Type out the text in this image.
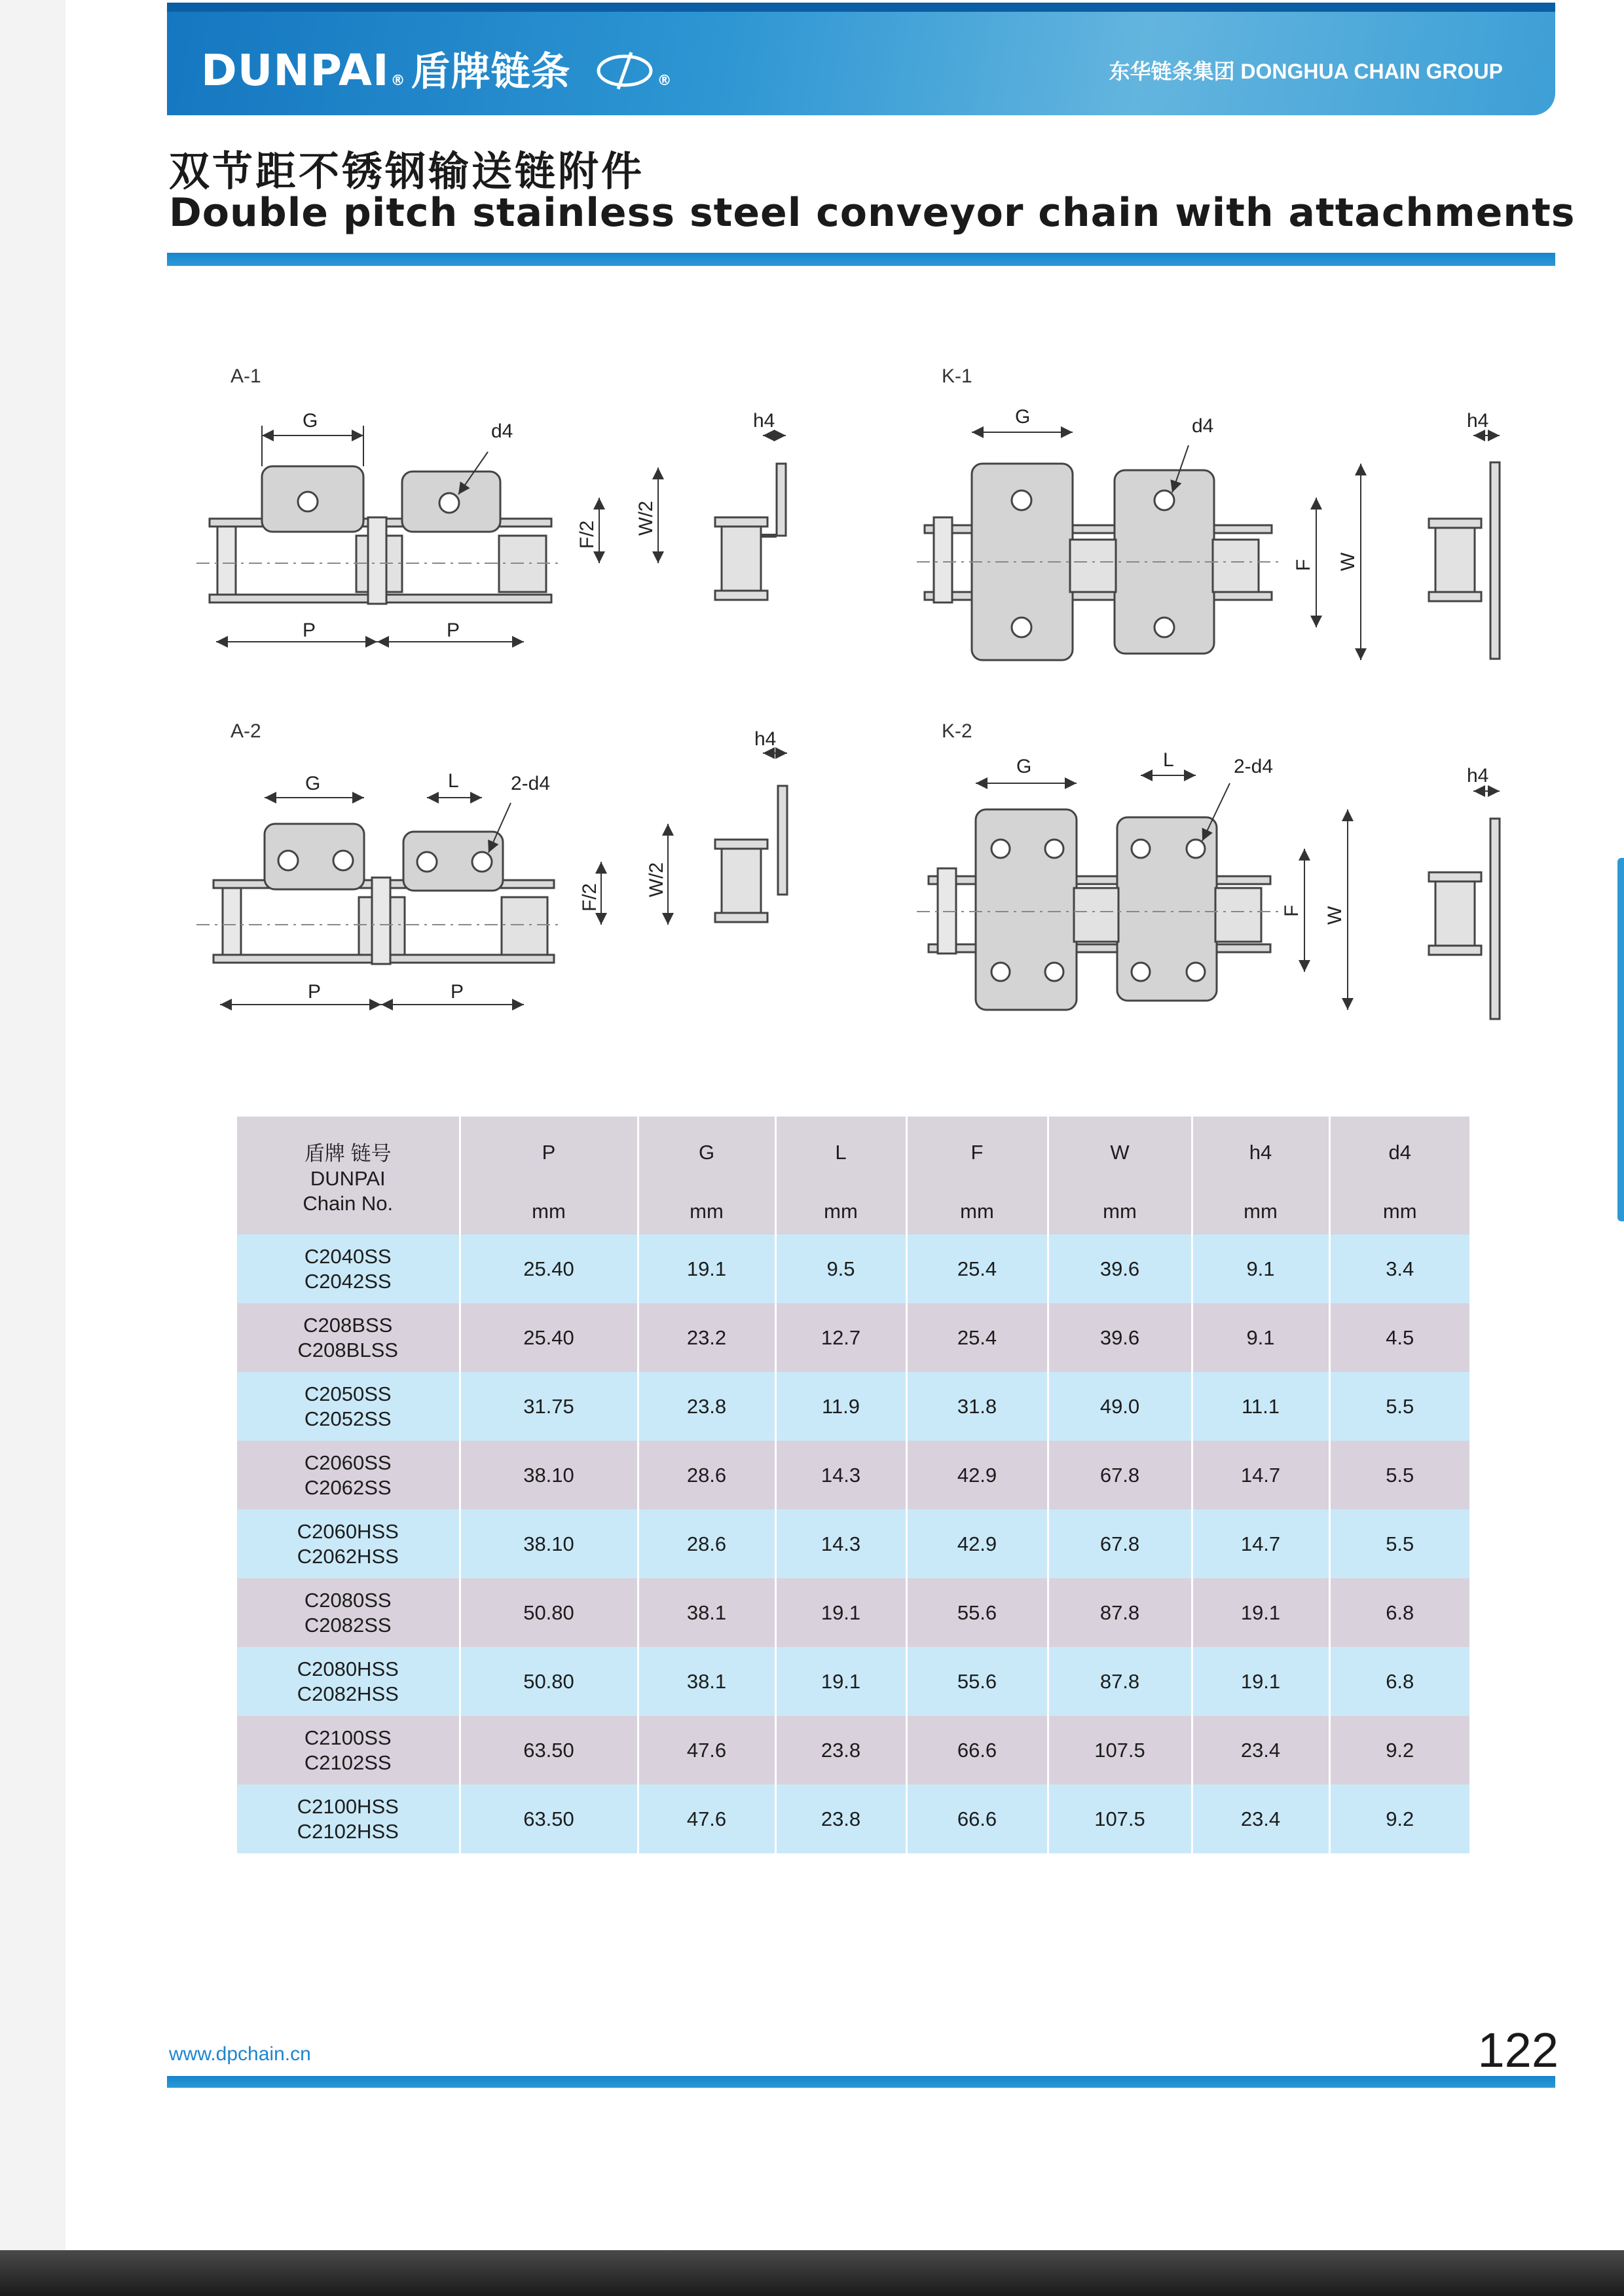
DUNPAI® 盾牌链条	®	东华链条集团 DONGHUA CHAIN GROUP
双节距不锈钢输送链附件
Double pitch stainless steel conveyor chain with attachments
A-1
G	d4
P	P
F/2 W/2
h4
K-1
G	d4
F W
h4
A-2
G	L	2-d4
P	P
F/2
W/2
h4	K-2
G	L	2-d4
F W
h4
盾牌 链号
DUNPAI
Chain No.	P	G	L	F	W	h4	d4
	mm	mm	mm	mm	mm	mm	mm

C2040SS
C2042SS	25.40	19.1	9.5	25.4	39.6	9.1	3.4

C208BSS
C208BLSS	25.40	23.2	12.7	25.4	39.6	9.1	4.5

C2050SS
C2052SS	31.75	23.8	11.9	31.8	49.0	11.1	5.5

C2060SS
C2062SS	38.10	28.6	14.3	42.9	67.8	14.7	5.5

C2060HSS
C2062HSS	38.10	28.6	14.3	42.9	67.8	14.7	5.5

C2080SS
C2082SS	50.80	38.1	19.1	55.6	87.8	19.1	6.8

C2080HSS
C2082HSS	50.80	38.1	19.1	55.6	87.8	19.1	6.8

C2100SS
C2102SS	63.50	47.6	23.8	66.6	107.5	23.4	9.2

C2100HSS
C2102HSS	63.50	47.6	23.8	66.6	107.5	23.4	9.2
www.dpchain.cn	122
